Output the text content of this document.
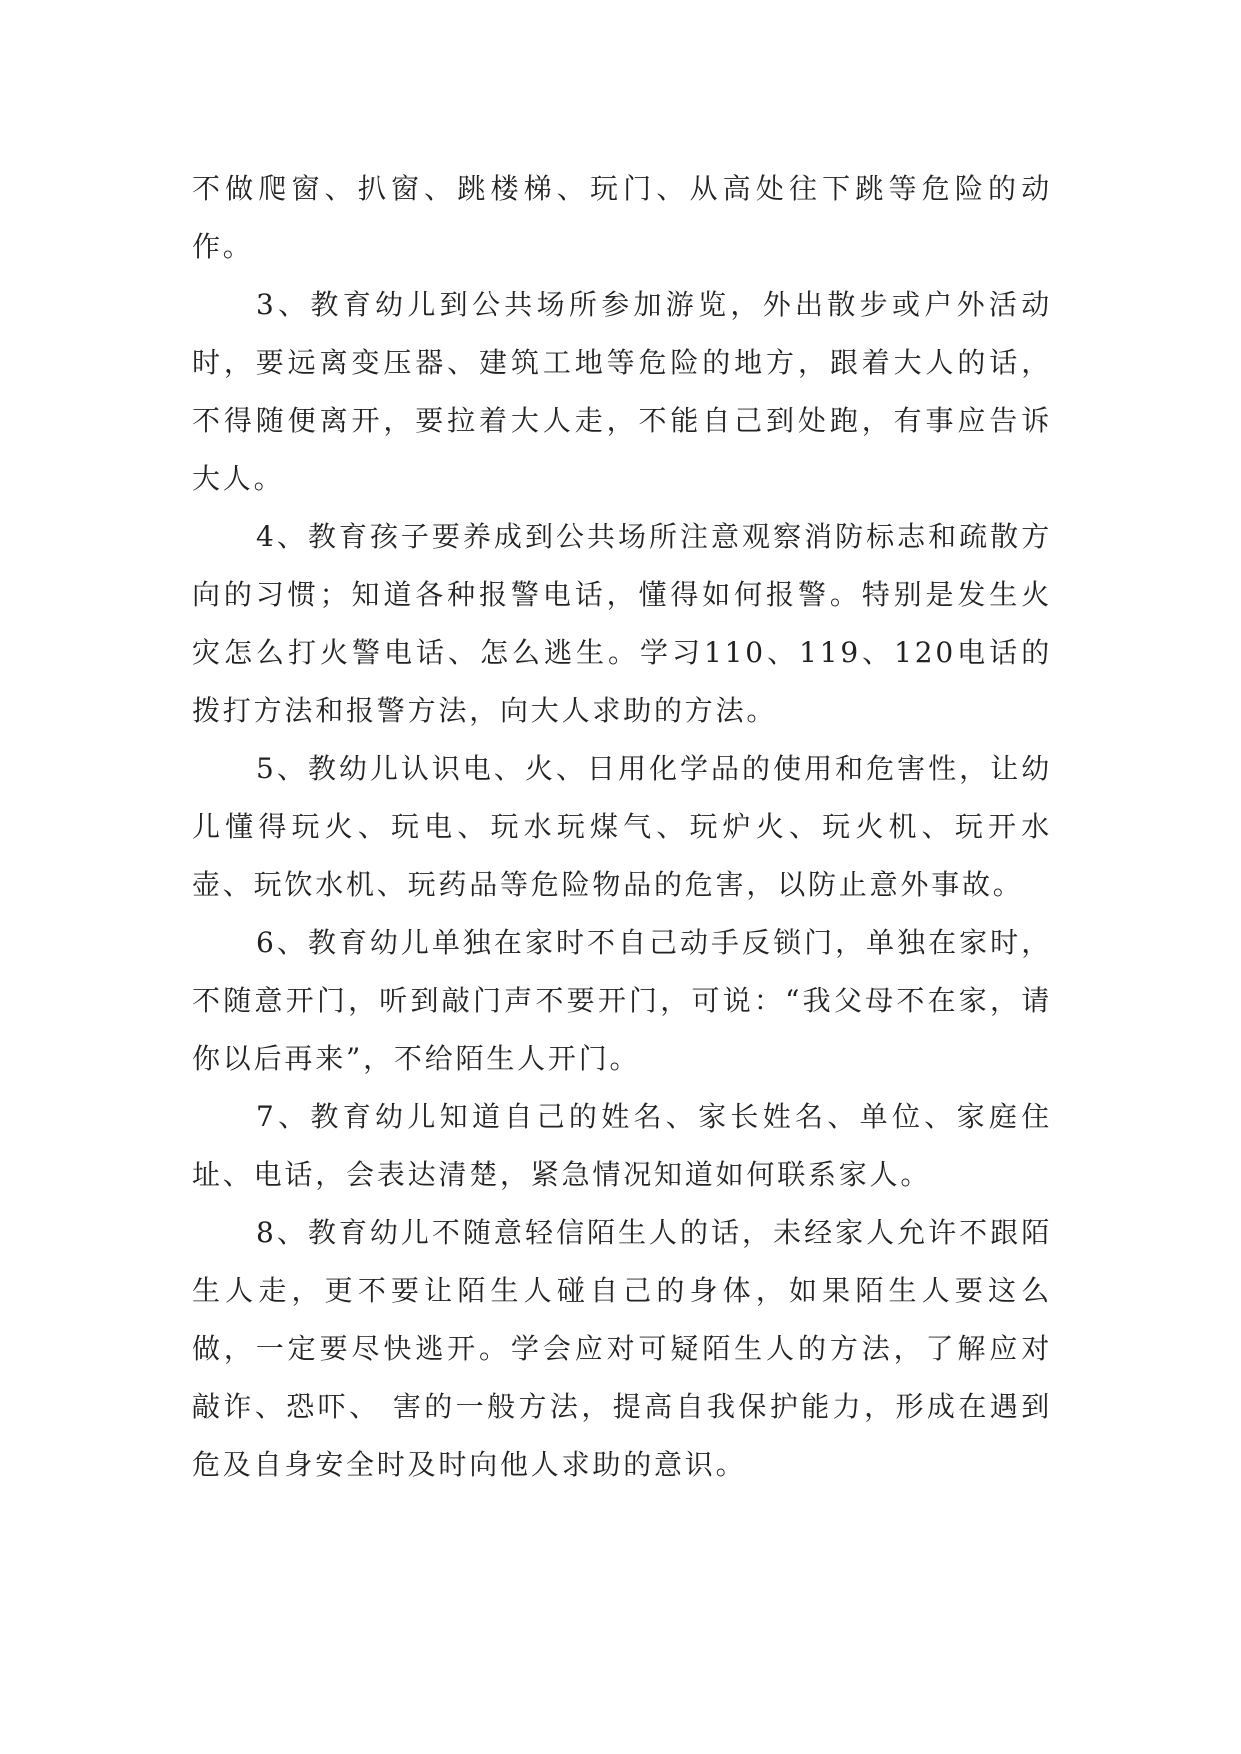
不做爬窗、扒窗、跳楼梯、玩门、从高处往下跳等危险的动作。

3、教育幼儿到公共场所参加游览，外出散步或户外活动时，要远离变压器、建筑工地等危险的地方，跟着大人的话，不得随便离开，要拉着大人走，不能自己到处跑，有事应告诉大人。

4、教育孩子要养成到公共场所注意观察消防标志和疏散方向的习惯；知道各种报警电话，懂得如何报警。特别是发生火灾怎么打火警电话、怎么逃生。学习110、119、120电话的拨打方法和报警方法，向大人求助的方法。

5、教幼儿认识电、火、日用化学品的使用和危害性，让幼儿懂得玩火、玩电、玩水玩煤气、玩炉火、玩火机、玩开水壶、玩饮水机、玩药品等危险物品的危害，以防止意外事故。

6、教育幼儿单独在家时不自己动手反锁门，单独在家时，不随意开门，听到敲门声不要开门，可说：“我父母不在家，请你以后再来”，不给陌生人开门。

7、教育幼儿知道自己的姓名、家长姓名、单位、家庭住址、电话，会表达清楚，紧急情况知道如何联系家人。

8、教育幼儿不随意轻信陌生人的话，未经家人允许不跟陌生人走，更不要让陌生人碰自己的身体，如果陌生人要这么做，一定要尽快逃开。学会应对可疑陌生人的方法，了解应对敲诈、恐吓、 害的一般方法，提高自我保护能力，形成在遇到危及自身安全时及时向他人求助的意识。
